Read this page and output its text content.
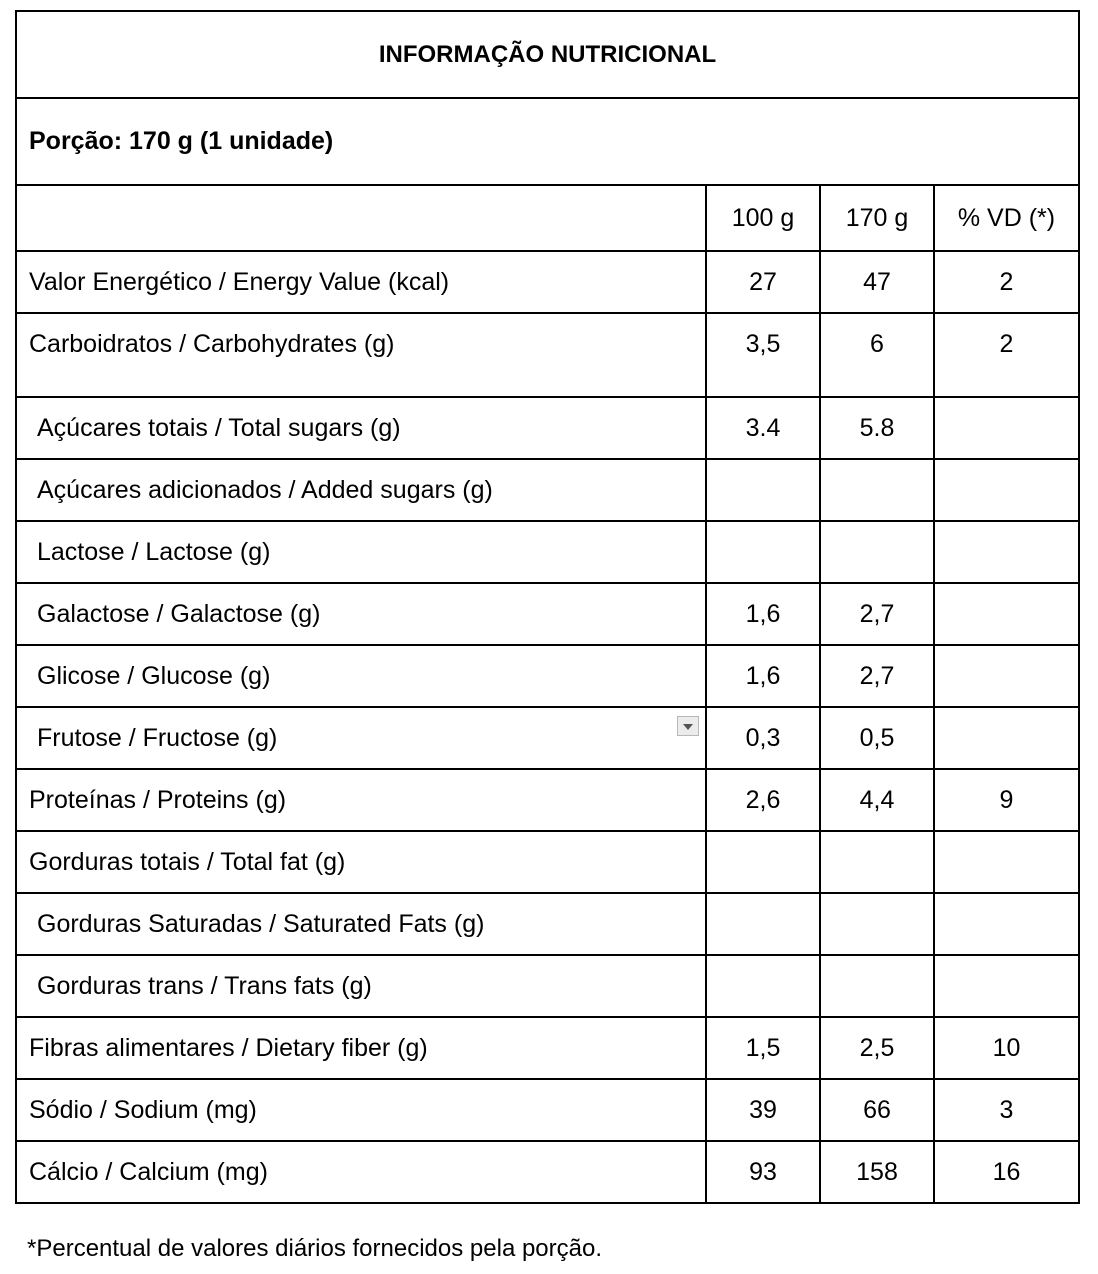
INFORMAÇÃO NUTRICIONAL			
Porção: 170 g (1 unidade)			
	100 g	170 g	% VD (*)
Valor Energético / Energy Value (kcal)	27	47	2

Carboidratos / Carbohydrates (g)	3,5	6	2

Açúcares totais / Total sugars (g)	3.4	5.8	
Açúcares adicionados / Added sugars (g)			
Lactose / Lactose (g)			
Galactose / Galactose (g)	1,6	2,7	
Glicose / Glucose (g)	1,6	2,7	
Frutose / Fructose (g)	0,3	0,5	
Proteínas / Proteins (g)	2,6	4,4	9
Gorduras totais / Total fat (g)			
Gorduras Saturadas / Saturated Fats (g)			
Gorduras trans / Trans fats (g)			
Fibras alimentares / Dietary fiber (g)	1,5	2,5	10
Sódio / Sodium (mg)	39	66	3
Cálcio / Calcium (mg)	93	158	16
*Percentual de valores diários fornecidos pela porção.
